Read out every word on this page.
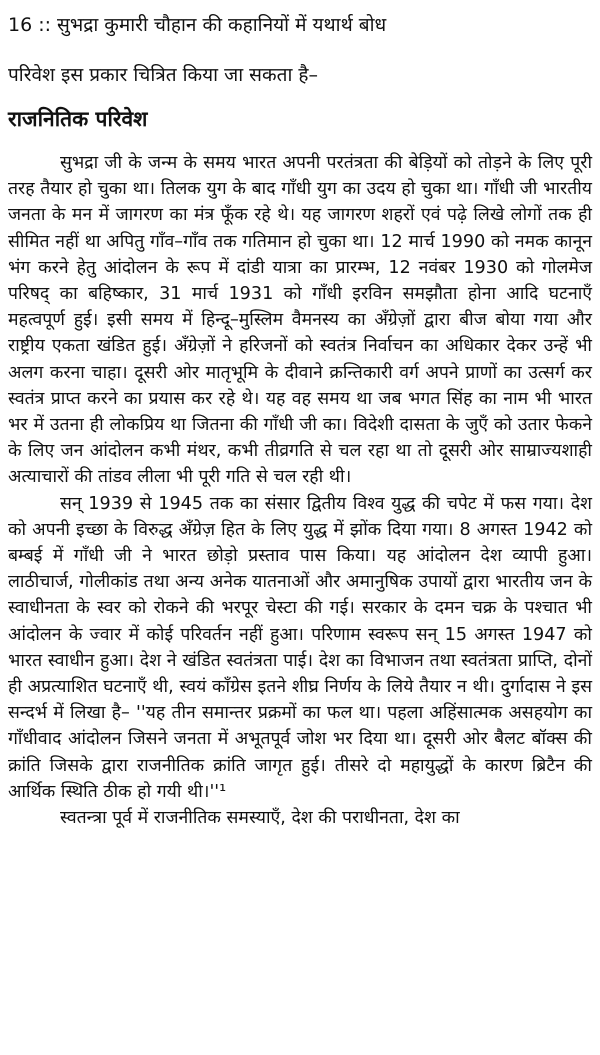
16 :: सुभद्रा कुमारी चौहान की कहानियों में यथार्थ बोध
परिवेश इस प्रकार चित्रित किया जा सकता है–
राजनितिक परिवेश

सुभद्रा जी के जन्म के समय भारत अपनी परतंत्रता की बेड़ियों को तोड़ने के लिए पूरी तरह तैयार हो चुका था। तिलक युग के बाद गाँधी युग का उदय हो चुका था। गाँधी जी भारतीय जनता के मन में जागरण का मंत्र फूँक रहे थे। यह जागरण शहरों एवं पढ़े लिखे लोगों तक ही सीमित नहीं था अपितु गाँव–गाँव तक गतिमान हो चुका था। 12 मार्च 1990 को नमक कानून भंग करने हेतु आंदोलन के रूप में दांडी यात्रा का प्रारम्भ, 12 नवंबर 1930 को गोलमेज परिषद् का बहिष्कार, 31 मार्च 1931 को गाँधी इरविन समझौता होना आदि घटनाएँ महत्वपूर्ण हुई। इसी समय में हिन्दू–मुस्लिम वैमनस्य का अँग्रेज़ों द्वारा बीज बोया गया और राष्ट्रीय एकता खंडित हुई। अँग्रेज़ों ने हरिजनों को स्वतंत्र निर्वाचन का अधिकार देकर उन्हें भी अलग करना चाहा। दूसरी ओर मातृभूमि के दीवाने क्रन्तिकारी वर्ग अपने प्राणों का उत्सर्ग कर स्वतंत्र प्राप्त करने का प्रयास कर रहे थे। यह वह समय था जब भगत सिंह का नाम भी भारत भर में उतना ही लोकप्रिय था जितना की गाँधी जी का। विदेशी दासता के जुएँ को उतार फेकने के लिए जन आंदोलन कभी मंथर, कभी तीव्रगति से चल रहा था तो दूसरी ओर साम्राज्यशाही अत्याचारों की तांडव लीला भी पूरी गति से चल रही थी।

सन् 1939 से 1945 तक का संसार द्वितीय विश्व युद्ध की चपेट में फस गया। देश को अपनी इच्छा के विरुद्ध अँग्रेज़ हित के लिए युद्ध में झोंक दिया गया। 8 अगस्त 1942 को बम्बई में गाँधी जी ने भारत छोड़ो प्रस्ताव पास किया। यह आंदोलन देश व्यापी हुआ। लाठीचार्ज, गोलीकांड तथा अन्य अनेक यातनाओं और अमानुषिक उपायों द्वारा भारतीय जन के स्वाधीनता के स्वर को रोकने की भरपूर चेस्टा की गई। सरकार के दमन चक्र के पश्चात भी आंदोलन के ज्वार में कोई परिवर्तन नहीं हुआ। परिणाम स्वरूप सन् 15 अगस्त 1947 को भारत स्वाधीन हुआ। देश ने खंडित स्वतंत्रता पाई। देश का विभाजन तथा स्वतंत्रता प्राप्ति, दोनों ही अप्रत्याशित घटनाएँ थी, स्वयं काँग्रेस इतने शीघ्र निर्णय के लिये तैयार न थी। दुर्गादास ने इस सन्दर्भ में लिखा है– ''यह तीन समान्तर प्रक्रमों का फल था। पहला अहिंसात्मक असहयोग का गाँधीवाद आंदोलन जिसने जनता में अभूतपूर्व जोश भर दिया था। दूसरी ओर बैलट बॉक्स की क्रांति जिसके द्वारा राजनीतिक क्रांति जागृत हुई। तीसरे दो महायुद्धों के कारण ब्रिटैन की आर्थिक स्थिति ठीक हो गयी थी।''¹

स्वतन्त्रा पूर्व में राजनीतिक समस्याएँ, देश की पराधीनता, देश का
